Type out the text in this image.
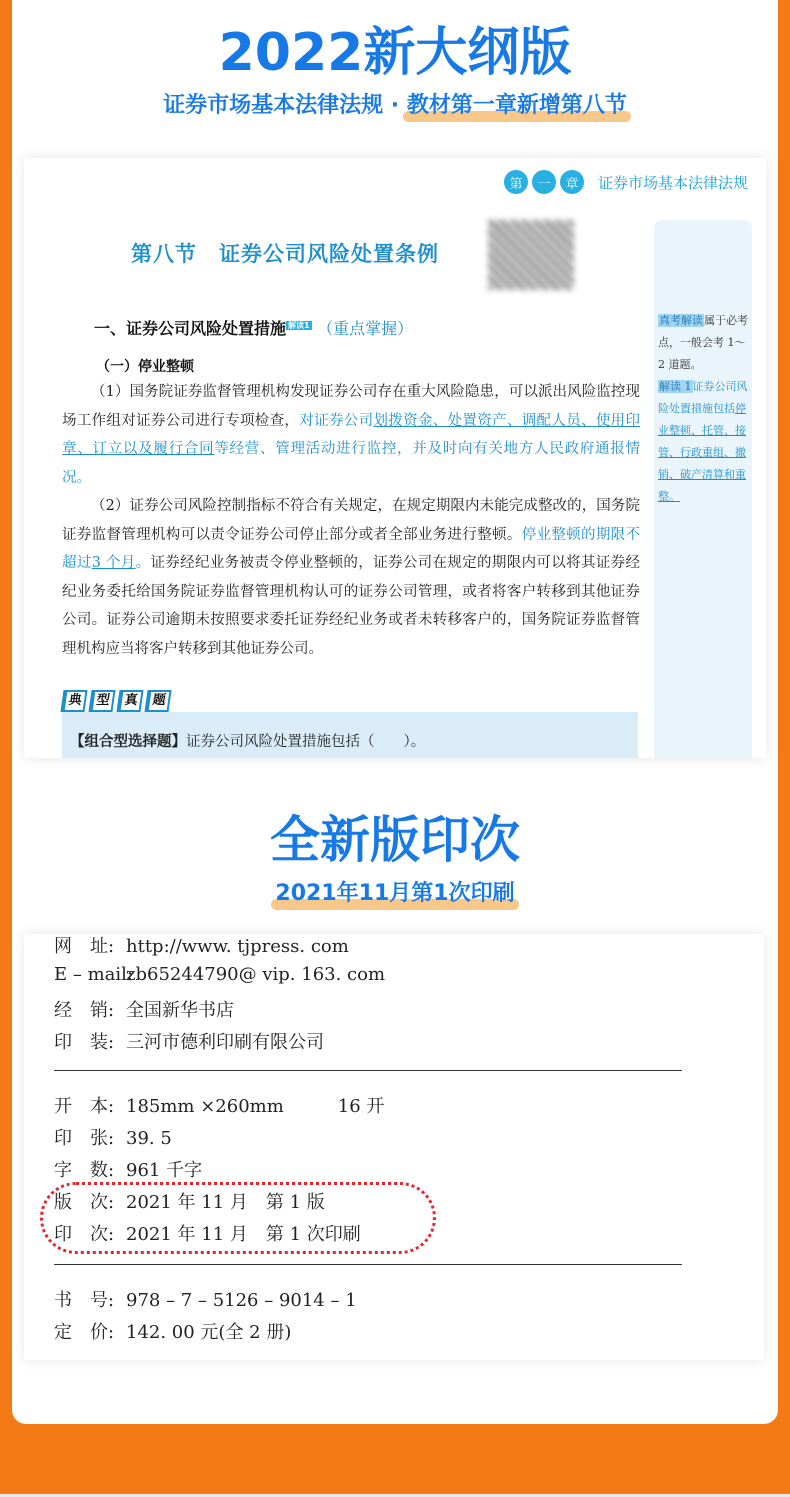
2022新大纲版
证券市场基本法律法规 · 教材第一章新增第八节
第	一	章	证券市场基本法律法规
第八节　证券公司风险处置条例
真考解读属于必考点，一般会考 1～2 道题。
解读 1证券公司风险处置措施包括停业整顿、托管、接管、行政重组、撤销、破产清算和重整。
一、证券公司风险处置措施 $^{解读1}$ （重点掌握）
（一）停业整顿

（1）国务院证券监督管理机构发现证券公司存在重大风险隐患，可以派出风险监控现场工作组对证券公司进行专项检查，对证券公司划拨资金、处置资产、调配人员、使用印章、订立以及履行合同等经营、管理活动进行监控，并及时向有关地方人民政府通报情况。

（2）证券公司风险控制指标不符合有关规定，在规定期限内未能完成整改的，国务院证券监督管理机构可以责令证券公司停止部分或者全部业务进行整顿。停业整顿的期限不超过3 个月。证券经纪业务被责令停业整顿的，证券公司在规定的期限内可以将其证券经纪业务委托给国务院证券监督管理机构认可的证券公司管理，或者将客户转移到其他证券公司。证券公司逾期未按照要求委托证券经纪业务或者未转移客户的，国务院证券监督管理机构应当将客户转移到其他证券公司。

典 型 真 题
【组合型选择题】证券公司风险处置措施包括（　　）。
全新版印次
2021年11月第1次印刷
网　址: http://www. tjpress. com
E – mail:zb65244790@ vip. 163. com
经　销: 全国新华书店
印　装: 三河市德利印刷有限公司
开　本: 185mm ×260mm　　　16 开
印　张: 39. 5
字　数: 961 千字
版　次: 2021 年 11 月　第 1 版
印　次: 2021 年 11 月　第 1 次印刷
书　号: 978 – 7 – 5126 – 9014 – 1
定　价: 142. 00 元(全 2 册)
